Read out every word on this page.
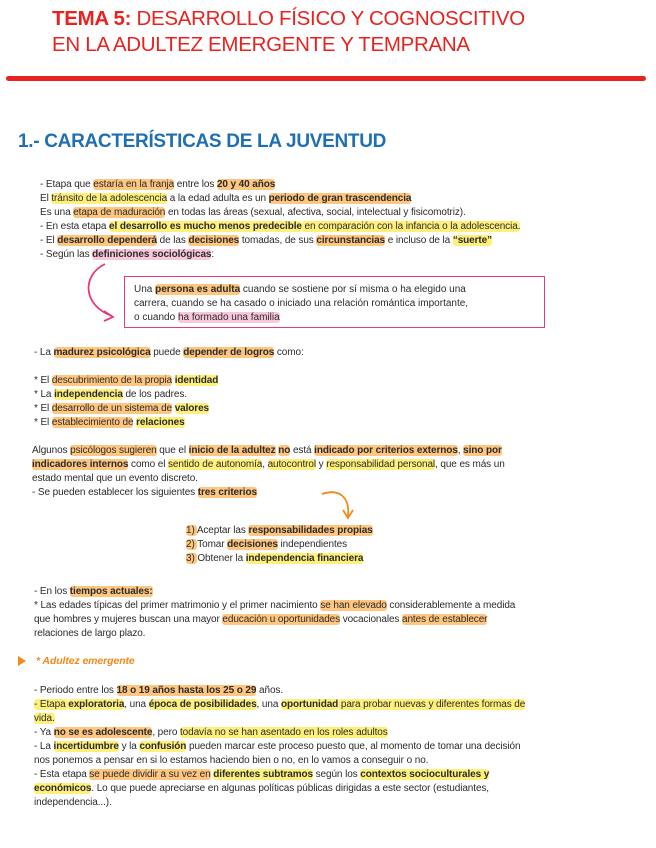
TEMA 5: DESARROLLO FÍSICO Y COGNOSCITIVO
EN LA ADULTEZ EMERGENTE Y TEMPRANA
1.- CARACTERÍSTICAS DE LA JUVENTUD
- Etapa que estaría en la franja entre los 20 y 40 años
El tránsito de la adolescencia a la edad adulta es un periodo de gran trascendencia
Es una etapa de maduración en todas las áreas (sexual, afectiva, social, intelectual y fisicomotriz).
- En esta etapa el desarrollo es mucho menos predecible en comparación con la infancia o la adolescencia.
- El desarrollo dependerá de las decisiones tomadas, de sus circunstancias e incluso de la “suerte”
- Según las definiciones sociológicas:
Una persona es adulta cuando se sostiene por sí misma o ha elegido una
carrera, cuando se ha casado o iniciado una relación romántica importante,
o cuando ha formado una familia
- La madurez psicológica puede depender de logros como:
* El descubrimiento de la propia identidad
* La independencia de los padres.
* El desarrollo de un sistema de valores
* El establecimiento de relaciones
Algunos psicólogos sugieren que el inicio de la adultez no está indicado por criterios externos, sino por
indicadores internos como el sentido de autonomía, autocontrol y responsabilidad personal, que es más un
estado mental que un evento discreto.
- Se pueden establecer los siguientes tres criterios
1) Aceptar las responsabilidades propias
2) Tomar decisiones independientes
3) Obtener la independencia financiera
- En los tiempos actuales:
* Las edades típicas del primer matrimonio y el primer nacimiento se han elevado considerablemente a medida
que hombres y mujeres buscan una mayor educación u oportunidades vocacionales antes de establecer
relaciones de largo plazo.
* Adultez emergente
- Periodo entre los 18 o 19 años hasta los 25 o 29 años.
- Etapa exploratoria, una época de posibilidades, una oportunidad para probar nuevas y diferentes formas de
vida.
- Ya no se es adolescente, pero todavía no se han asentado en los roles adultos
- La incertidumbre y la confusión pueden marcar este proceso puesto que, al momento de tomar una decisión
nos ponemos a pensar en si lo estamos haciendo bien o no, en lo vamos a conseguir o no.
- Esta etapa se puede dividir a su vez en diferentes subtramos según los contextos socioculturales y
económicos. Lo que puede apreciarse en algunas políticas públicas dirigidas a este sector (estudiantes,
independencia...).
